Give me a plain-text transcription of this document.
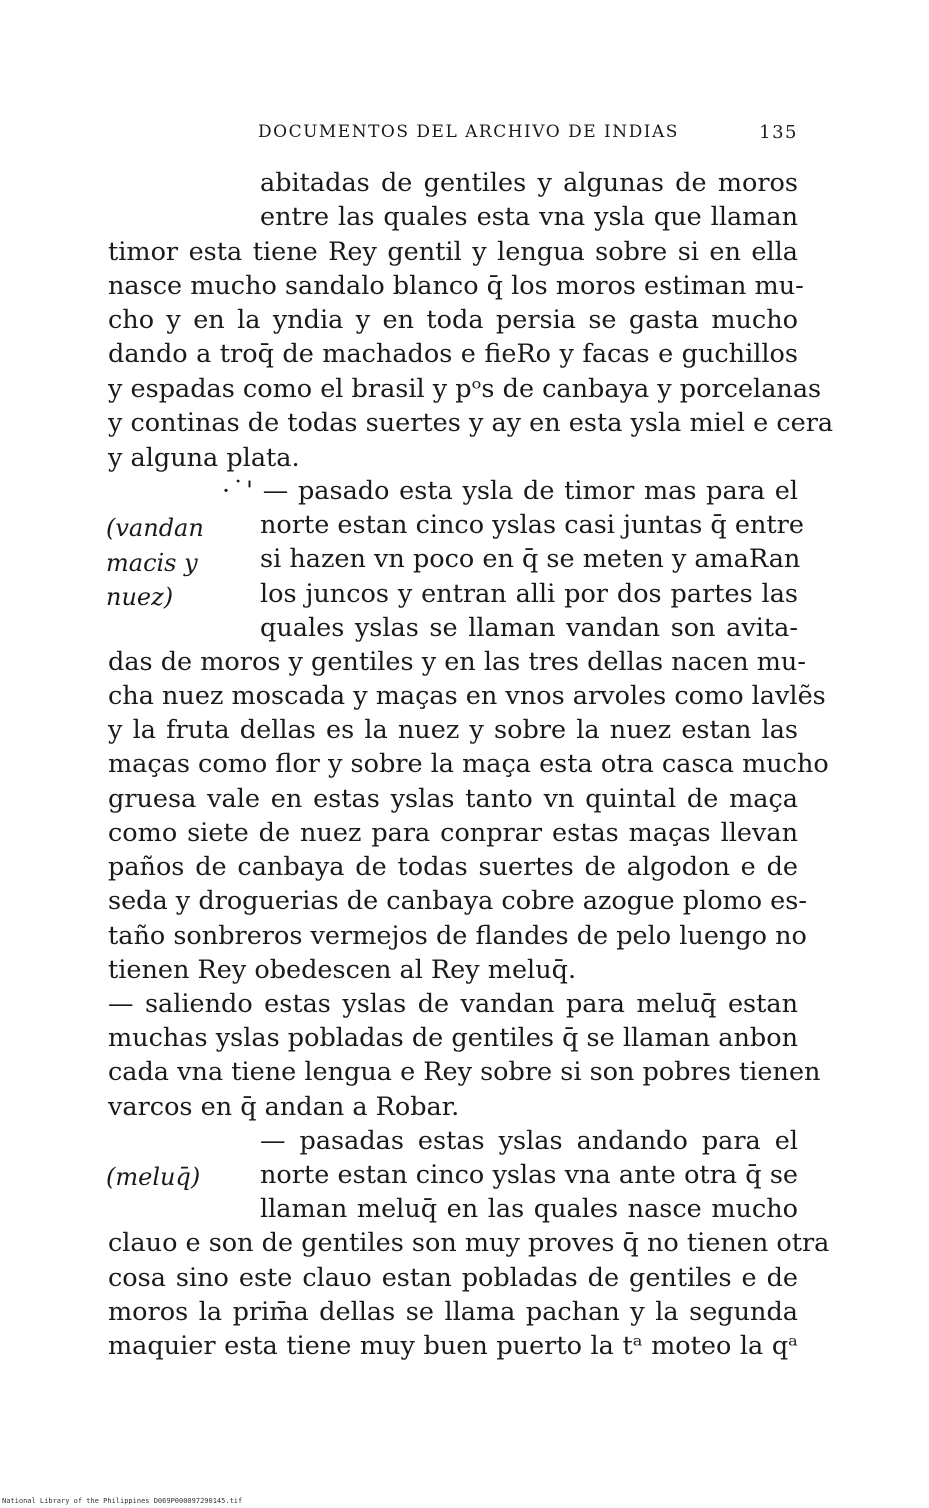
DOCUMENTOS DEL ARCHIVO DE INDIAS	135
abitadas de gentiles y algunas de moros
entre las quales esta vna ysla que llaman
timor esta tiene Rey gentil y lengua sobre si en ella
nasce mucho sandalo blanco q̄ los moros estiman mu-
cho y en la yndia y en toda persia se gasta mucho
dando a troq̄ de machados e fieRo y facas e guchillos
y espadas como el brasil y pᵒs de canbaya y porcelanas
y continas de todas suertes y ay en esta ysla miel e cera
y alguna plata.
·˙' — pasado esta ysla de timor mas para el
norte estan cinco yslas casi juntas q̄ entre
si hazen vn poco en q̄ se meten y amaRan
los juncos y entran alli por dos partes las
quales yslas se llaman vandan son avita-
(vandan
macis y
nuez)
das de moros y gentiles y en las tres dellas nacen mu-
cha nuez moscada y maças en vnos arvoles como lavlẽs
y la fruta dellas es la nuez y sobre la nuez estan las
maças como flor y sobre la maça esta otra casca mucho
gruesa vale en estas yslas tanto vn quintal de maça
como siete de nuez para conprar estas maças llevan
paños de canbaya de todas suertes de algodon e de
seda y droguerias de canbaya cobre azogue plomo es-
taño sonbreros vermejos de flandes de pelo luengo no
tienen Rey obedescen al Rey meluq̄.
— saliendo estas yslas de vandan para meluq̄ estan
muchas yslas pobladas de gentiles q̄ se llaman anbon
cada vna tiene lengua e Rey sobre si son pobres tienen
varcos en q̄ andan a Robar.
— pasadas estas yslas andando para el
norte estan cinco yslas vna ante otra q̄ se
llaman meluq̄ en las quales nasce mucho
(meluq̄)
clauo e son de gentiles son muy proves q̄ no tienen otra
cosa sino este clauo estan pobladas de gentiles e de
moros la prim̄a dellas se llama pachan y la segunda
maquier esta tiene muy buen puerto la tᵃ moteo la qᵃ
National Library of the Philippines D069P000097290145.tif
